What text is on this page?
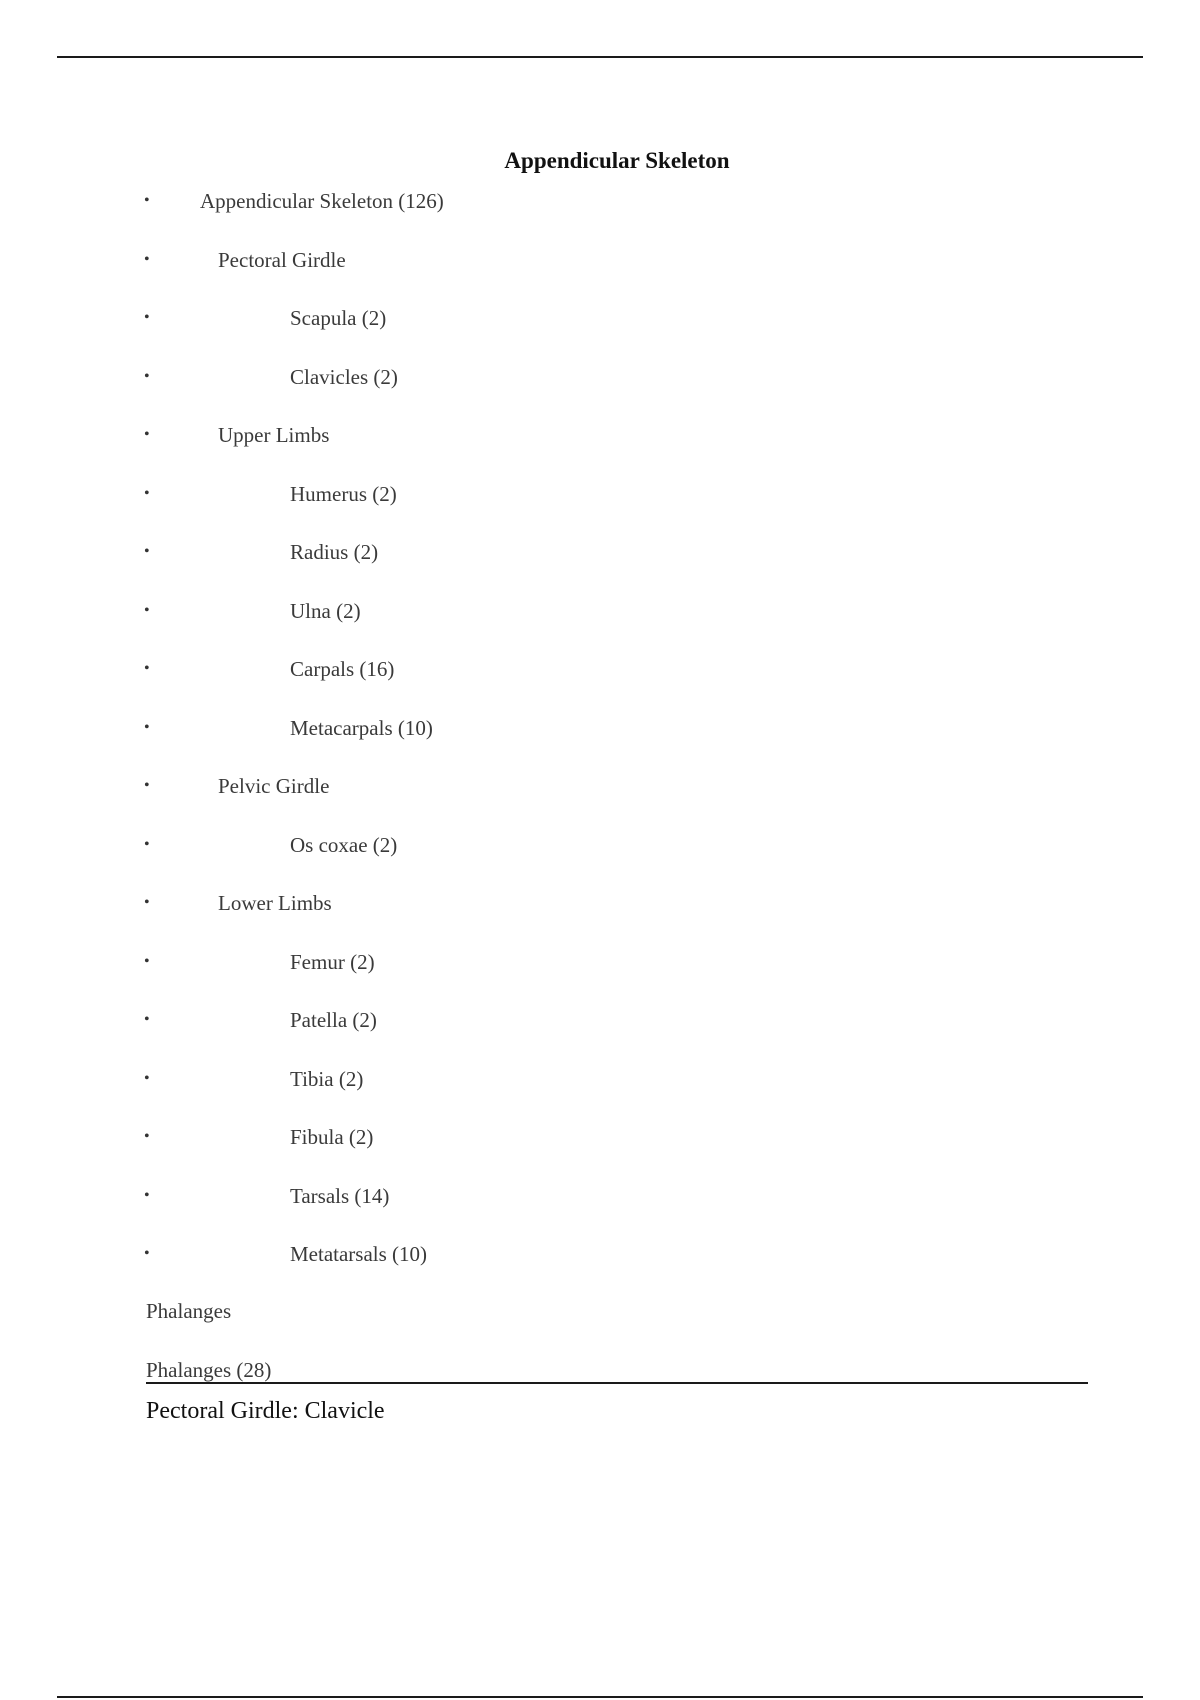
Appendicular Skeleton
• Appendicular Skeleton (126)
•	Pectoral Girdle
•	Scapula (2)
•	Clavicles (2)
•	Upper Limbs
•	Humerus (2)
•	Radius (2)
•	Ulna (2)
•	Carpals (16)
•	Metacarpals (10)
•	Pelvic Girdle
•	Os coxae (2)
•	Lower Limbs
•	Femur (2)
•	Patella (2)
•	Tibia (2)
•	Fibula (2)
•	Tarsals (14)
•	Metatarsals (10)
Phalanges
Phalanges (28)
Pectoral Girdle: Clavicle
